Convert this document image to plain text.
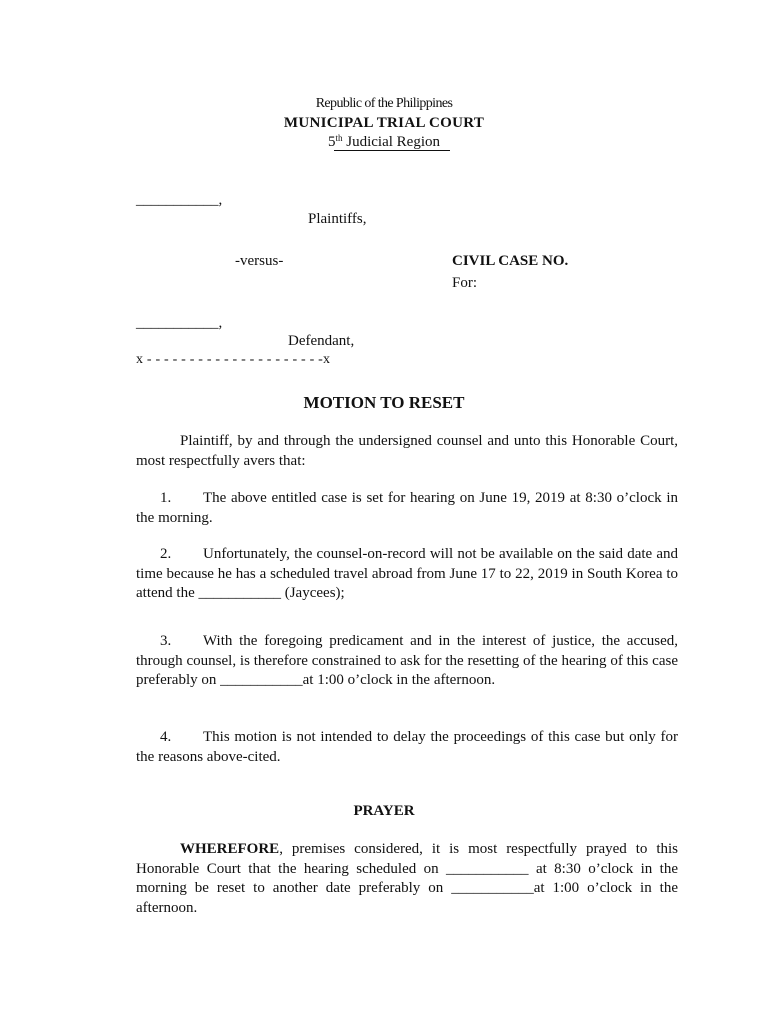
Republic of the Philippines
MUNICIPAL TRIAL COURT
5th Judicial Region
___________,
Plaintiffs,
-versus-	CIVIL CASE NO.
For:
___________,
Defendant,
x - - - - - - - - - - - - - - - - - - - - -x
MOTION TO RESET
Plaintiff, by and through the undersigned counsel and unto this Honorable Court, most respectfully avers that:
1. The above entitled case is set for hearing on June 19, 2019 at 8:30 o’clock in the morning.
2. Unfortunately, the counsel-on-record will not be available on the said date and time because he has a scheduled travel abroad from June 17 to 22, 2019 in South Korea to attend the ___________ (Jaycees);
3. With the foregoing predicament and in the interest of justice, the accused, through counsel, is therefore constrained to ask for the resetting of the hearing of this case preferably on ___________at 1:00 o’clock in the afternoon.
4. This motion is not intended to delay the proceedings of this case but only for the reasons above-cited.
PRAYER
WHEREFORE, premises considered, it is most respectfully prayed to this Honorable Court that the hearing scheduled on ___________ at 8:30 o’clock in the morning be reset to another date preferably on ___________at 1:00 o’clock in the afternoon.
